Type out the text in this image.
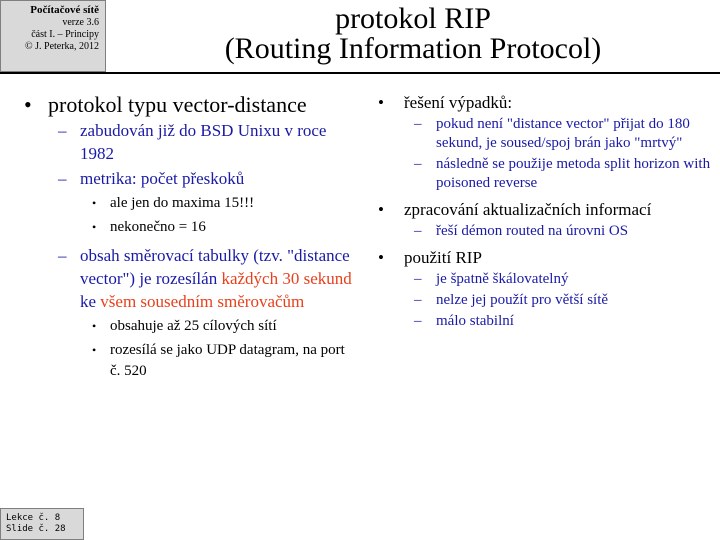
Počítačové sítě
verze 3.6
část I. – Principy
© J. Peterka, 2012
protokol RIP
(Routing Information Protocol)
• protokol typu vector-distance
– zabudován již do BSD Unixu v roce 1982
– metrika: počet přeskoků
• ale jen do maxima 15!!!
• nekonečno = 16
– obsah směrovací tabulky (tzv. "distance vector") je rozesílán každých 30 sekund ke všem sousedním směrovačům
• obsahuje až 25 cílových sítí
• rozesílá se jako UDP datagram, na port č. 520
• řešení výpadků:
– pokud není "distance vector" přijat do 180 sekund, je soused/spoj brán jako "mrtvý"
– následně se použije metoda split horizon with poisoned reverse
• zpracování aktualizačních informací
– řeší démon routed na úrovni OS
• použití RIP
– je špatně škálovatelný
– nelze jej použít pro větší sítě
– málo stabilní
Lekce č. 8
Slide č. 28
